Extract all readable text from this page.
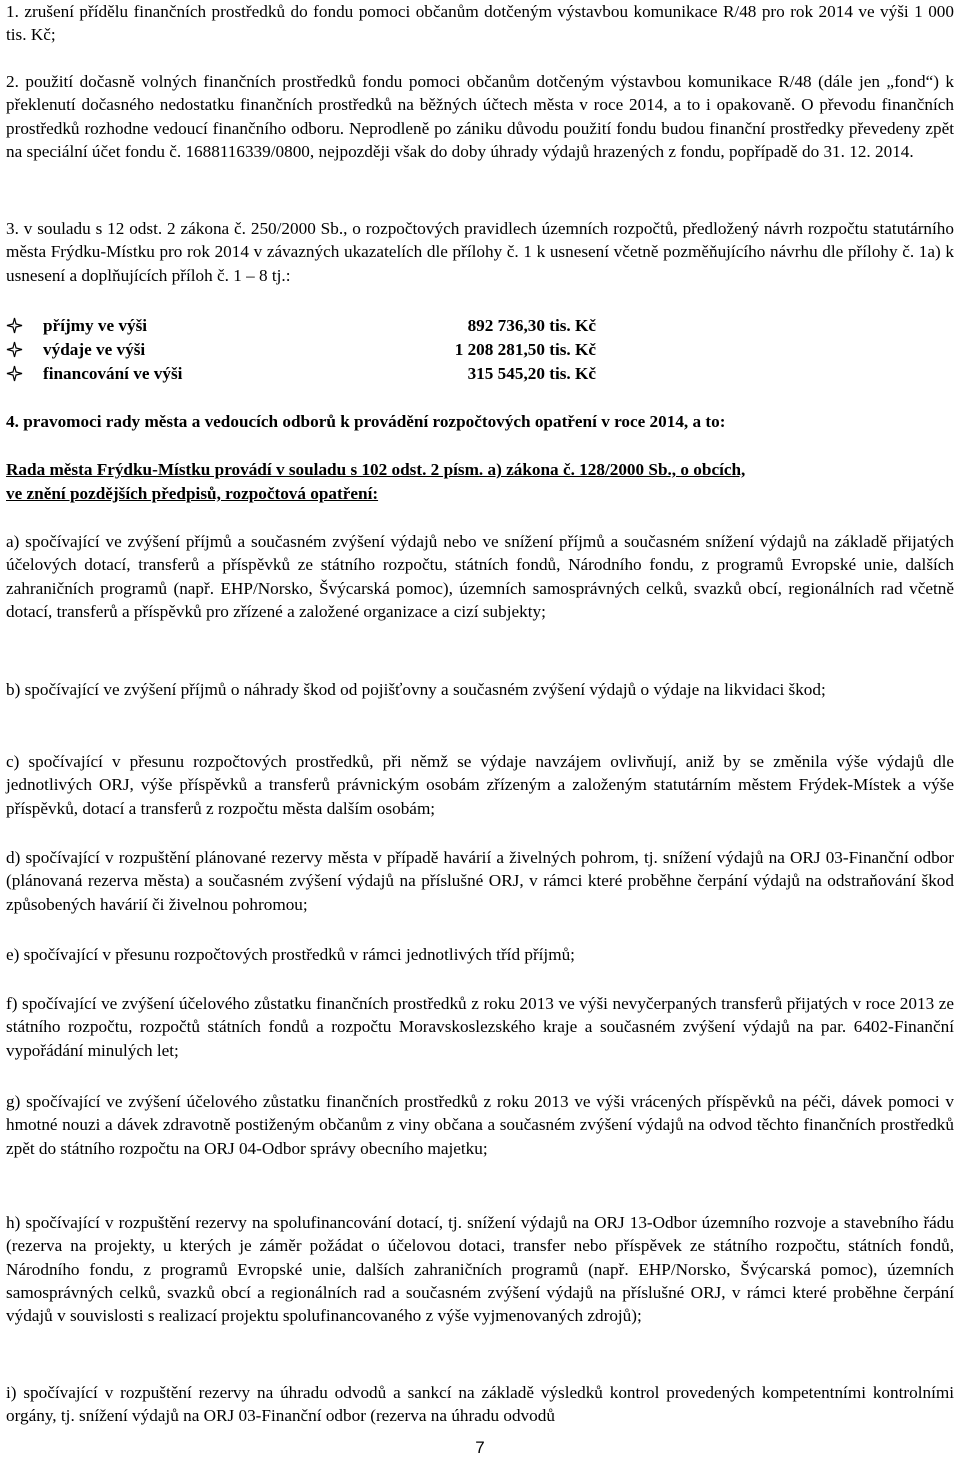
1. zrušení přídělu finančních prostředků do fondu pomoci občanům dotčeným výstavbou komunikace R/48 pro rok 2014 ve výši 1 000 tis. Kč;
2. použití dočasně volných finančních prostředků fondu pomoci občanům dotčeným výstavbou komunikace R/48 (dále jen „fond“) k překlenutí dočasného nedostatku finančních prostředků na běžných účtech města v roce 2014, a to i opakovaně. O převodu finančních prostředků rozhodne vedoucí finančního odboru. Neprodleně po zániku důvodu použití fondu budou finanční prostředky převedeny zpět na speciální účet fondu č. 1688116339/0800, nejpozději však do doby úhrady výdajů hrazených z fondu, popřípadě do 31. 12. 2014.
3. v souladu s 12 odst. 2 zákona č. 250/2000 Sb., o rozpočtových pravidlech územních rozpočtů, předložený návrh rozpočtu statutárního města Frýdku-Místku pro rok 2014 v závazných ukazatelích dle přílohy č. 1 k usnesení včetně pozměňujícího návrhu dle přílohy č. 1a) k usnesení a doplňujících příloh č. 1 – 8 tj.:
příjmy ve výši	892 736,30 tis. Kč
výdaje ve výši	1 208 281,50 tis. Kč
financování ve výši	315 545,20 tis. Kč
4. pravomoci rady města a vedoucích odborů k provádění rozpočtových opatření v roce 2014, a to:
Rada města Frýdku-Místku provádí v souladu s 102 odst. 2 písm. a) zákona č. 128/2000 Sb., o obcích,
ve znění pozdějších předpisů, rozpočtová opatření:
a) spočívající ve zvýšení příjmů a současném zvýšení výdajů nebo ve snížení příjmů a současném snížení výdajů na základě přijatých účelových dotací, transferů a příspěvků ze státního rozpočtu, státních fondů, Národního fondu, z programů Evropské unie, dalších zahraničních programů (např. EHP/Norsko, Švýcarská pomoc), územních samosprávných celků, svazků obcí, regionálních rad včetně dotací, transferů a příspěvků pro zřízené a založené organizace a cizí subjekty;
b) spočívající ve zvýšení příjmů o náhrady škod od pojišťovny a současném zvýšení výdajů o výdaje na likvidaci škod;
c) spočívající v přesunu rozpočtových prostředků, při němž se výdaje navzájem ovlivňují, aniž by se změnila výše výdajů dle jednotlivých ORJ, výše příspěvků a transferů právnickým osobám zřízeným a založeným statutárním městem Frýdek-Místek a výše příspěvků, dotací a transferů z rozpočtu města dalším osobám;
d) spočívající v rozpuštění plánované rezervy města v případě havárií a živelných pohrom, tj. snížení výdajů na ORJ 03-Finanční odbor (plánovaná rezerva města) a současném zvýšení výdajů na příslušné ORJ, v rámci které proběhne čerpání výdajů na odstraňování škod způsobených havárií či živelnou pohromou;
e) spočívající v přesunu rozpočtových prostředků v rámci jednotlivých tříd příjmů;
f) spočívající ve zvýšení účelového zůstatku finančních prostředků z roku 2013 ve výši nevyčerpaných transferů přijatých v roce 2013 ze státního rozpočtu, rozpočtů státních fondů a rozpočtu Moravskoslezského kraje a současném zvýšení výdajů na par. 6402-Finanční vypořádání minulých let;
g) spočívající ve zvýšení účelového zůstatku finančních prostředků z roku 2013 ve výši vrácených příspěvků na péči, dávek pomoci v hmotné nouzi a dávek zdravotně postiženým občanům z viny občana a současném zvýšení výdajů na odvod těchto finančních prostředků zpět do státního rozpočtu na ORJ 04-Odbor správy obecního majetku;
h) spočívající v rozpuštění rezervy na spolufinancování dotací, tj. snížení výdajů na ORJ 13-Odbor územního rozvoje a stavebního řádu (rezerva na projekty, u kterých je záměr požádat o účelovou dotaci, transfer nebo příspěvek ze státního rozpočtu, státních fondů, Národního fondu, z programů Evropské unie, dalších zahraničních programů (např. EHP/Norsko, Švýcarská pomoc), územních samosprávných celků, svazků obcí a regionálních rad a současném zvýšení výdajů na příslušné ORJ, v rámci které proběhne čerpání výdajů v souvislosti s realizací projektu spolufinancovaného z výše vyjmenovaných zdrojů);
i) spočívající v rozpuštění rezervy na úhradu odvodů a sankcí na základě výsledků kontrol provedených kompetentními kontrolními orgány, tj. snížení výdajů na ORJ 03-Finanční odbor (rezerva na úhradu odvodů
7
